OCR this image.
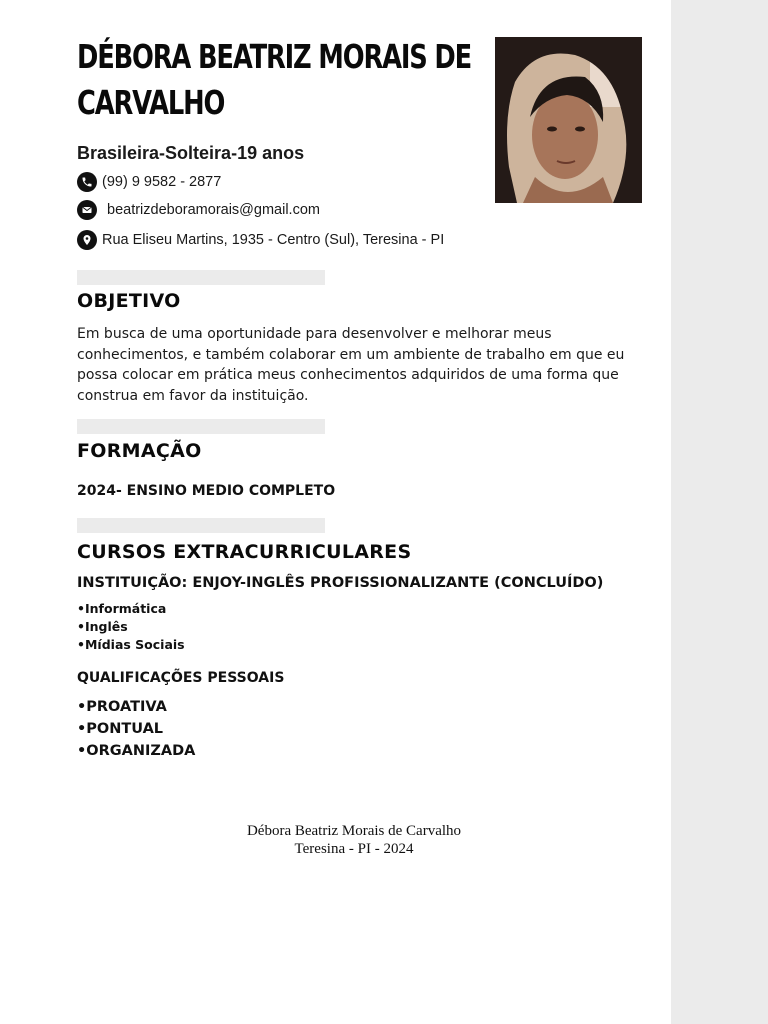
DÉBORA BEATRIZ MORAIS DE CARVALHO
Brasileira-Solteira-19 anos
(99) 9 9582 - 2877
beatrizdeboramorais@gmail.com
Rua Eliseu Martins, 1935 - Centro (Sul), Teresina - PI
OBJETIVO
Em busca de uma oportunidade para desenvolver e melhorar meus conhecimentos, e também colaborar em um ambiente de trabalho em que eu possa colocar em prática meus conhecimentos adquiridos de uma forma que construa em favor da instituição.
FORMAÇÃO
2024- ENSINO MEDIO COMPLETO
CURSOS EXTRACURRICULARES
INSTITUIÇÃO: ENJOY-INGLÊS PROFISSIONALIZANTE (CONCLUÍDO)
•Informática
•Inglês
•Mídias Sociais
QUALIFICAÇÕES PESSOAIS
•PROATIVA
•PONTUAL
•ORGANIZADA
Débora Beatriz Morais de Carvalho
Teresina - PI - 2024
